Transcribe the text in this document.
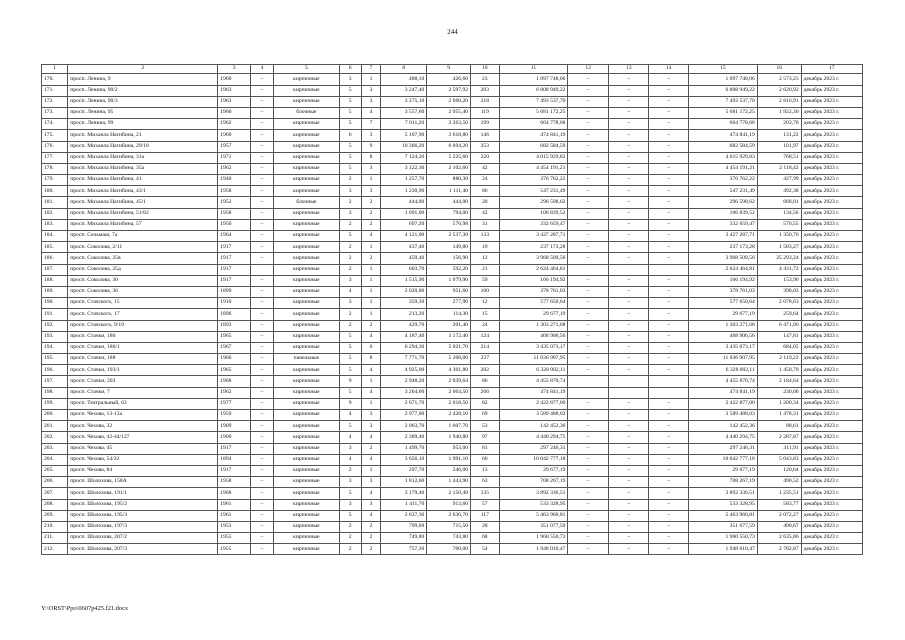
244
1	2	3	4	5	6	7	8	9	10	11	12	13	14	15	16	17
170.	просп. Ленина, 9	1960	–	кирпичные	3	1	488,10	426,60	23	1 097 748,06	–	–	–	1 097 748,06	2 573,25	декабрь 2023 г.
171.	просп. Ленина, 90/2	1963	–	кирпичные	5	3	3 247,40	2 597,92	203	6 808 949,22	–	–	–	6 808 949,22	2 620,92	декабрь 2023 г.
172.	просп. Ленина, 90/3	1963	–	кирпичные	5	3	3 275,10	2 660,20	218	7 493 537,70	–	–	–	7 493 537,70	2 816,91	декабрь 2023 г.
173.	просп. Ленина, 95	1960	–	блочные	5	4	3 557,60	2 955,40	119	5 681 172,25	–	–	–	5 681 172,25	1 922,30	декабрь 2023 г.
174.	просп. Ленина, 99	1962	–	кирпичные	5	7	7 011,20	3 263,50	199	664 778,68	–	–	–	664 778,68	203,70	декабрь 2023 г.
175.	просп. Михаила Нагибина, 21	1960	–	кирпичные	6	3	5 107,90	3 618,80	146	474 841,19	–	–	–	474 841,19	131,22	декабрь 2023 г.
176.	просп. Михаила Нагибина, 29/18	1957	–	кирпичные	5	9	10 366,20	6 694,20	253	682 584,59	–	–	–	682 584,59	101,97	декабрь 2023 г.
177.	просп. Михаила Нагибина, 31а	1971	–	кирпичные	5	8	7 124,20	5 225,60	220	4 015 929,83	–	–	–	4 015 929,83	768,51	декабрь 2023 г.
178.	просп. Михаила Нагибина, 35а	1962	–	кирпичные	5	3	3 122,30	2 102,60	42	4 454 191,21	–	–	–	4 454 191,21	2 118,42	декабрь 2023 г.
179.	просп. Михаила Нагибина, 41	1940	–	кирпичные	2	1	1 257,70	880,30	24	376 762,22	–	–	–	376 762,22	427,99	декабрь 2023 г.
180.	просп. Михаила Нагибина, 43/1	1958	–	кирпичные	3	3	1 230,90	1 111,40	86	547 231,49	–	–	–	547 231,49	492,38	декабрь 2023 г.
181.	просп. Михаила Нагибина, 45/1	1952	–	блочные	2	2	444,00	444,00	20	296 598,62	–	–	–	296 598,62	668,01	декабрь 2023 г.
182.	просп. Михаила Нагибина, 51/82	1958	–	кирпичные	3	2	1 091,00	794,00	42	106 839,52	–	–	–	106 839,52	134,56	декабрь 2023 г.
183.	просп. Михаила Нагибина, 57	1950	–	кирпичные	2	2	697,20	576,98	31	332 659,47	–	–	–	332 659,47	576,55	декабрь 2023 г.
184.	просп. Сельмаш, 7а	1964	–	кирпичные	5	4	4 121,00	2 537,30	133	3 427 287,71	–	–	–	3 427 287,71	1 350,76	декабрь 2023 г.
185.	просп. Соколова, 2/11	1917	–	кирпичные	2	1	437,40	149,80	19	237 173,28	–	–	–	237 173,28	1 583,27	декабрь 2023 г.
186.	просп. Соколова, 25в	1917	–	кирпичные	2	2	459,40	156,90	12	3 968 509,56	–	–	–	3 968 509,56	25 293,24	декабрь 2023 г.
187.	просп. Соколова, 25д	1917		кирпичные	2	1	603,70	592,20	21	2 624 464,81				2 624 464,81	4 431,72	декабрь 2023 г.
188.	просп. Соколова, 30	1917	–	кирпичные	3	1	1 515,90	1 079,90	59	166 194,92	–	–	–	166 194,92	153,90	декабрь 2023 г.
189.	просп. Соколова, 36	1899	–	кирпичные	4	1	2 020,80	951,60	100	378 761,03	–	–	–	378 761,03	398,03	декабрь 2023 г.
190.	просп. Стачского, 15	1910	–	кирпичные	3	1	359,30	277,90	12	577 650,64	–	–	–	577 650,64	2 078,63	декабрь 2023 г.
191.	просп. Стачского, 17	1896	–	кирпичные	2	1	213,20	114,30	15	29 677,19	–	–	–	29 677,19	259,64	декабрь 2023 г.
192.	просп. Стачского, 9/19	1893	–	кирпичные	2	2	429,70	201,40	24	1 303 271,68	–	–	–	1 303 271,68	6 471,06	декабрь 2023 г.
193.	просп. Стачки, 186	1965	–	кирпичные	5	4	4 187,40	3 172,40	124	468 906,56	–	–	–	468 906,56	147,81	декабрь 2023 г.
194.	просп. Стачки, 186/1	1967	–	кирпичные	5	6	6 294,30	5 021,70	214	3 435 073,17	–	–	–	3 435 073,17	684,05	декабрь 2023 г.
195.	просп. Стачки, 188	1966	–	панельные	5	8	7 771,70	5 208,00	237	11 036 907,95	–	–	–	11 036 907,95	2 119,22	декабрь 2023 г.
196.	просп. Стачки, 193/1	1965	–	кирпичные	5	4	4 925,00	4 361,80	202	6 328 002,11	–	–	–	6 328 002,11	1 450,78	декабрь 2023 г.
197.	просп. Стачки, 203	1968	–	кирпичные	9	1	2 948,20	2 039,64	86	4 455 870,74				4 455 870,74	2 184,64	декабрь 2023 г.
198.	просп. Стачки, 7	1962	–	кирпичные	5	4	3 264,60	2 064,50	206	474 841,19				474 841,19	230,00	декабрь 2023 г.
199.	просп. Театральный, 63	1977	–	кирпичные	9	1	2 671,70	2 018,50	82	2 422 877,00	–	–	–	2 422 877,00	1 200,34	декабрь 2023 г.
200.	просп. Чехова, 13-13а	1959	–	кирпичные	4	3	2 977,00	2 428,10	69	3 589 488,03	–	–	–	3 589 488,03	1 478,31	декабрь 2023 г.
201.	просп. Чехова, 32	1909	–	кирпичные	5	3	2 063,70	1 607,70	53	142 452,36	–	–	–	142 452,36	88,61	декабрь 2023 г.
202.	просп. Чехова, 42-44/127	1900	–	кирпичные	4	4	2 389,40	1 940,80	97	4 440 294,75	–	–	–	4 440 294,75	2 287,87	декабрь 2023 г.
203.	просп. Чехова, 45	1917	–	кирпичные	3	2	1 499,70	953,00	81	297 246,31	–	–	–	297 246,31	311,91	декабрь 2023 г.
204.	просп. Чехова, 54/32	1894	–	кирпичные	4	4	3 656,10	1 991,10	60	10 042 777,18	–	–	–	10 042 777,18	5 043,83	декабрь 2023 г.
205.	просп. Чехова, 84	1917	–	кирпичные	2	1	297,70	246,00	13	29 677,19	–	–	–	29 677,19	120,64	декабрь 2023 г.
206.	просп. Шолохова, 158А	1958	–	кирпичные	3	3	1 812,60	1 443,90	63	708 267,19	–	–	–	708 267,19	490,52	декабрь 2023 г.
207.	просп. Шолохова, 191/1	1968	–	кирпичные	5	4	3 179,40	2 150,40	135	3 892 336,51	–	–	–	3 892 336,51	1 235,51	декабрь 2023 г.
208.	просп. Шолохова, 195/2	1961	–	кирпичные	3	3	1 411,70	913,60	57	533 328,95	–	–	–	533 328,95	583,77	декабрь 2023 г.
209.	просп. Шолохова, 195/3	1961	–	кирпичные	5	4	2 637,30	2 636,70	117	5 463 960,81	–	–	–	5 463 960,81	2 072,27	декабрь 2023 г.
210.	просп. Шолохова, 197/3	1953	–	кирпичные	2	2	799,00	715,50	28	351 077,59	–	–	–	351 077,59	490,67	декабрь 2023 г.
211.	просп. Шолохова, 207/2	1955	–	кирпичные	2	2	749,80	743,80	68	1 960 550,73	–	–	–	1 960 550,73	2 635,86	декабрь 2023 г.
212.	просп. Шолохова, 207/3	1955	–	кирпичные	2	2	757,30	700,00	54	1 948 010,47	–	–	–	1 948 010,47	2 782,87	декабрь 2023 г.
Y:\ORST\Ppo\0607p425.f21.docx
